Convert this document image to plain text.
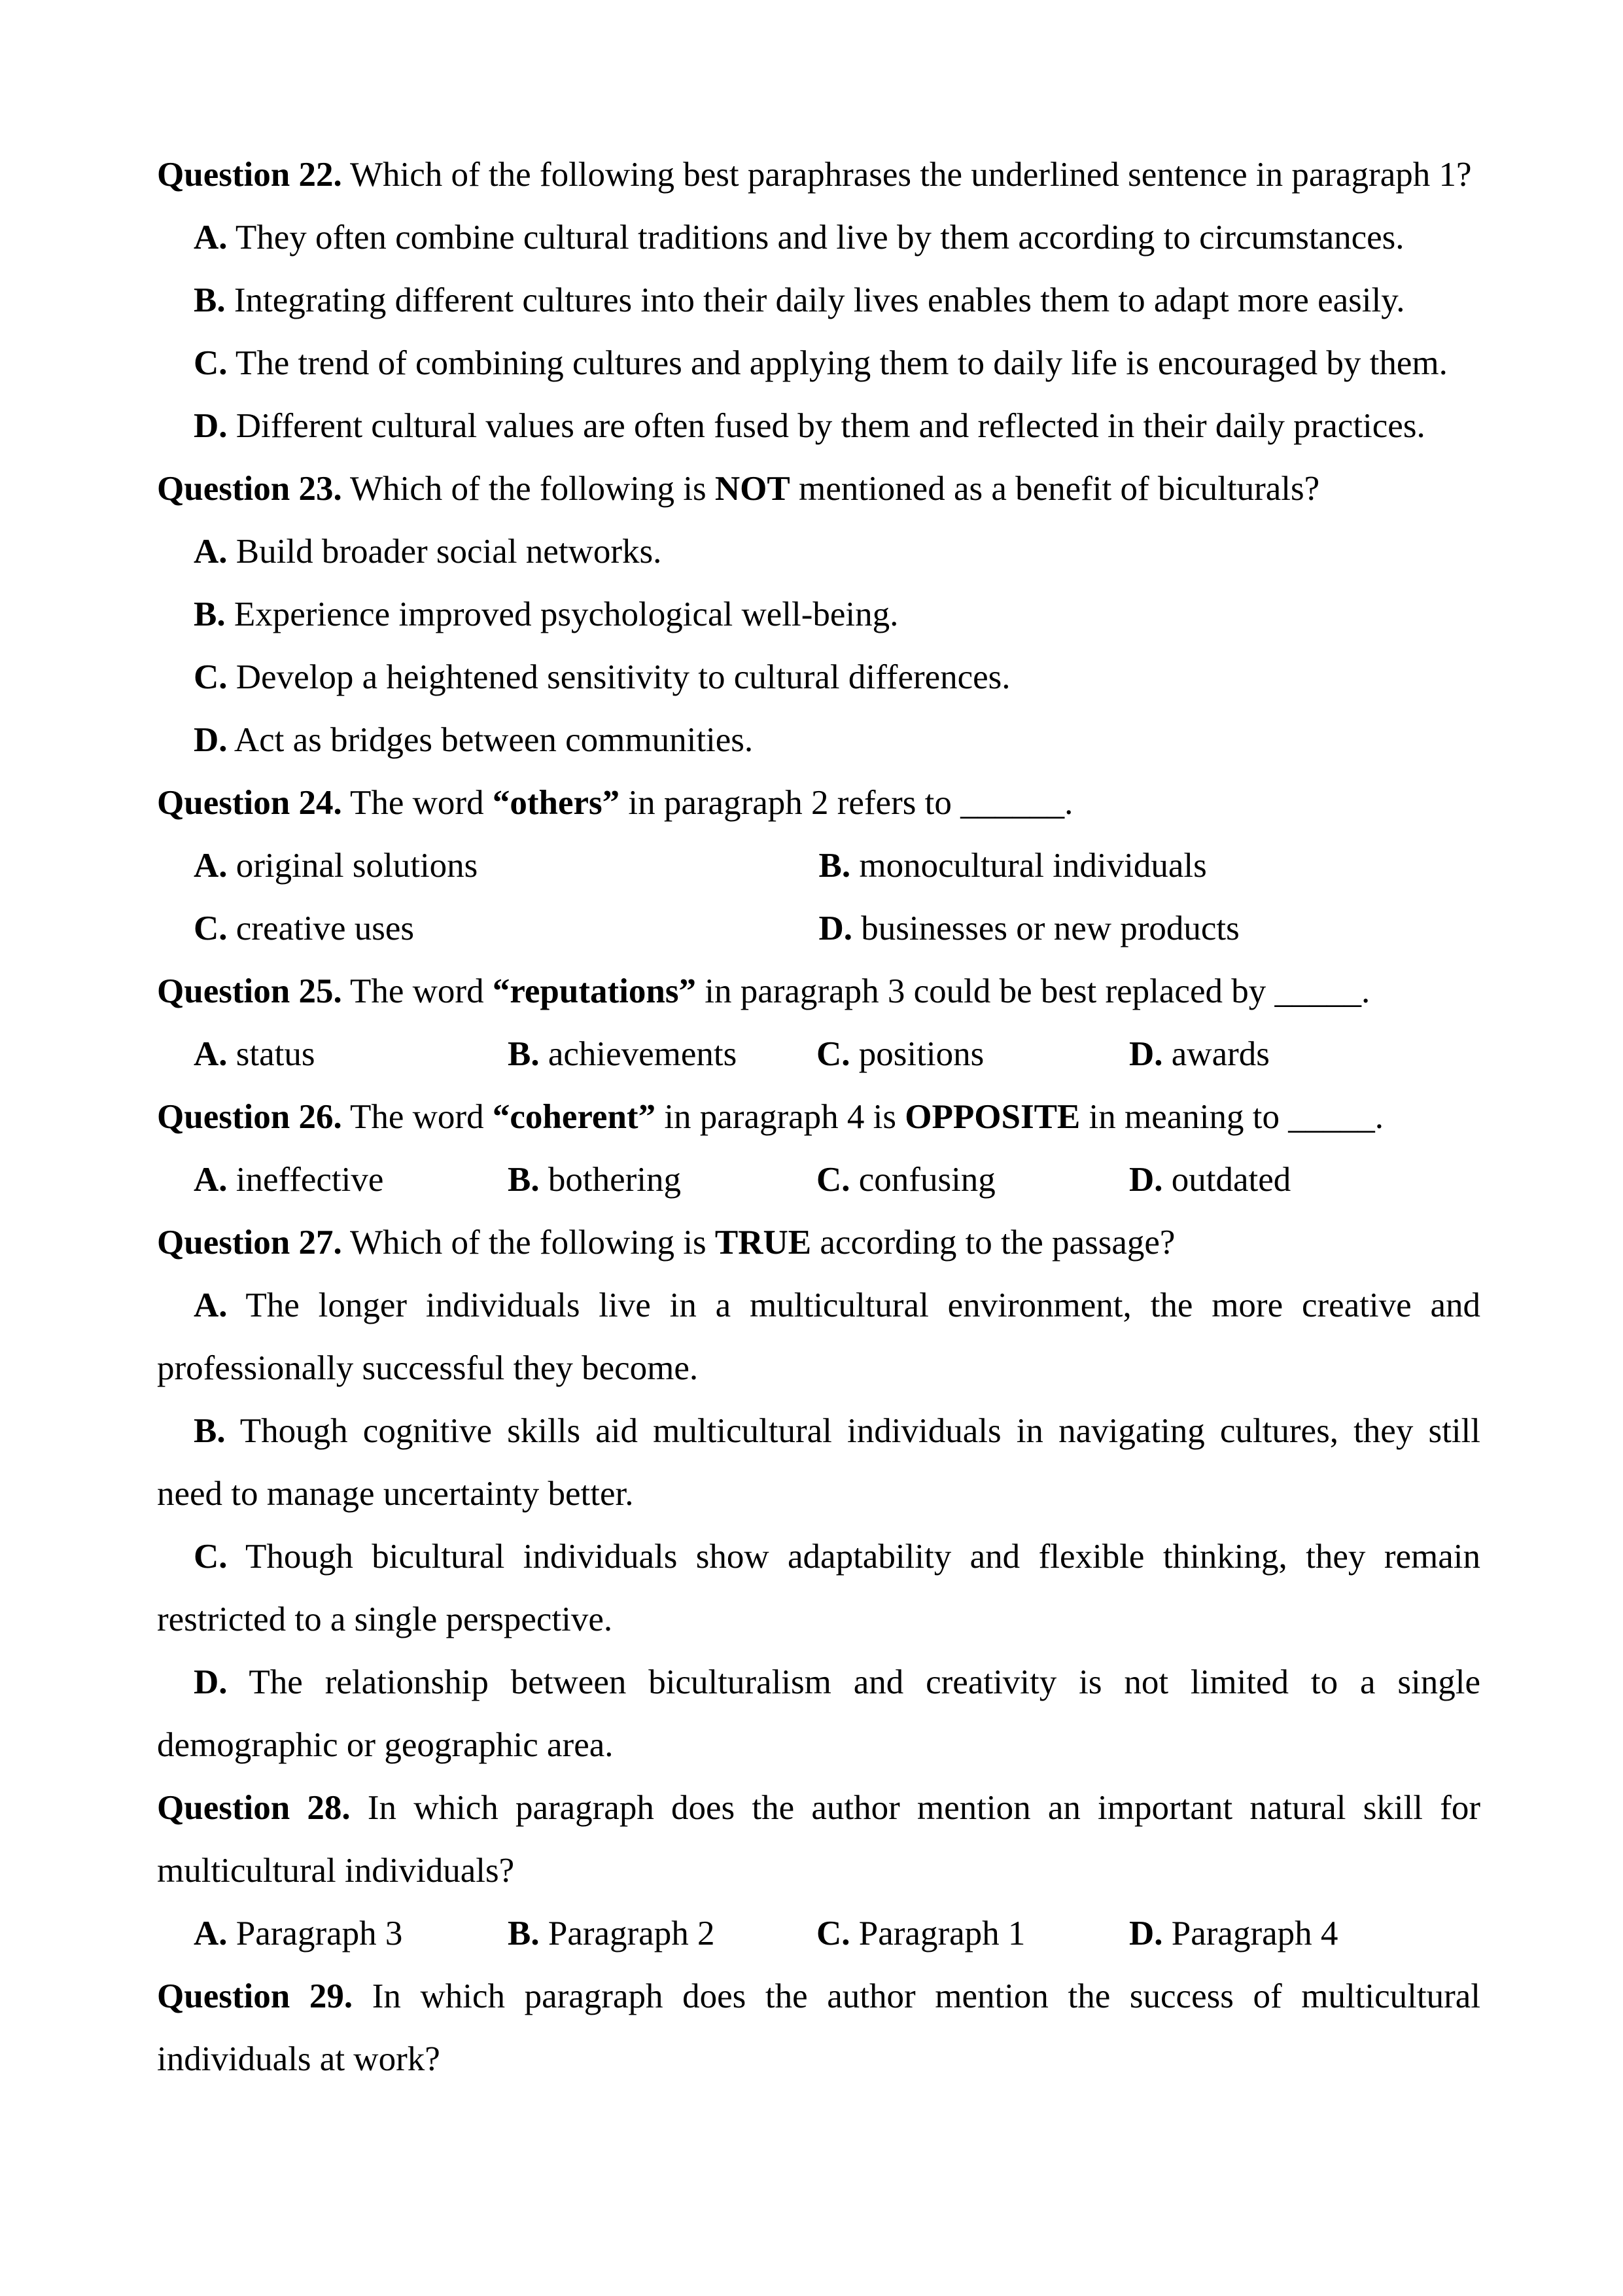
Question 22. Which of the following best paraphrases the underlined sentence in paragraph 1?

A. They often combine cultural traditions and live by them according to circumstances.

B. Integrating different cultures into their daily lives enables them to adapt more easily.

C. The trend of combining cultures and applying them to daily life is encouraged by them.

D. Different cultural values are often fused by them and reflected in their daily practices.

Question 23. Which of the following is NOT mentioned as a benefit of biculturals?

A. Build broader social networks.

B. Experience improved psychological well-being.

C. Develop a heightened sensitivity to cultural differences.

D. Act as bridges between communities.

Question 24. The word “others” in paragraph 2 refers to ______.

A. original solutions	B. monocultural individuals
C. creative uses	D. businesses or new products

Question 25. The word “reputations” in paragraph 3 could be best replaced by _____.

A. status	B. achievements	C. positions	D. awards

Question 26. The word “coherent” in paragraph 4 is OPPOSITE in meaning to _____.

A. ineffective	B. bothering	C. confusing	D. outdated

Question 27. Which of the following is TRUE according to the passage?

A. The longer individuals live in a multicultural environment, the more creative and professionally successful they become.

B. Though cognitive skills aid multicultural individuals in navigating cultures, they still need to manage uncertainty better.

C. Though bicultural individuals show adaptability and flexible thinking, they remain restricted to a single perspective.

D. The relationship between biculturalism and creativity is not limited to a single demographic or geographic area.

Question 28. In which paragraph does the author mention an important natural skill for multicultural individuals?

A. Paragraph 3	B. Paragraph 2	C. Paragraph 1	D. Paragraph 4

Question 29. In which paragraph does the author mention the success of multicultural individuals at work?
